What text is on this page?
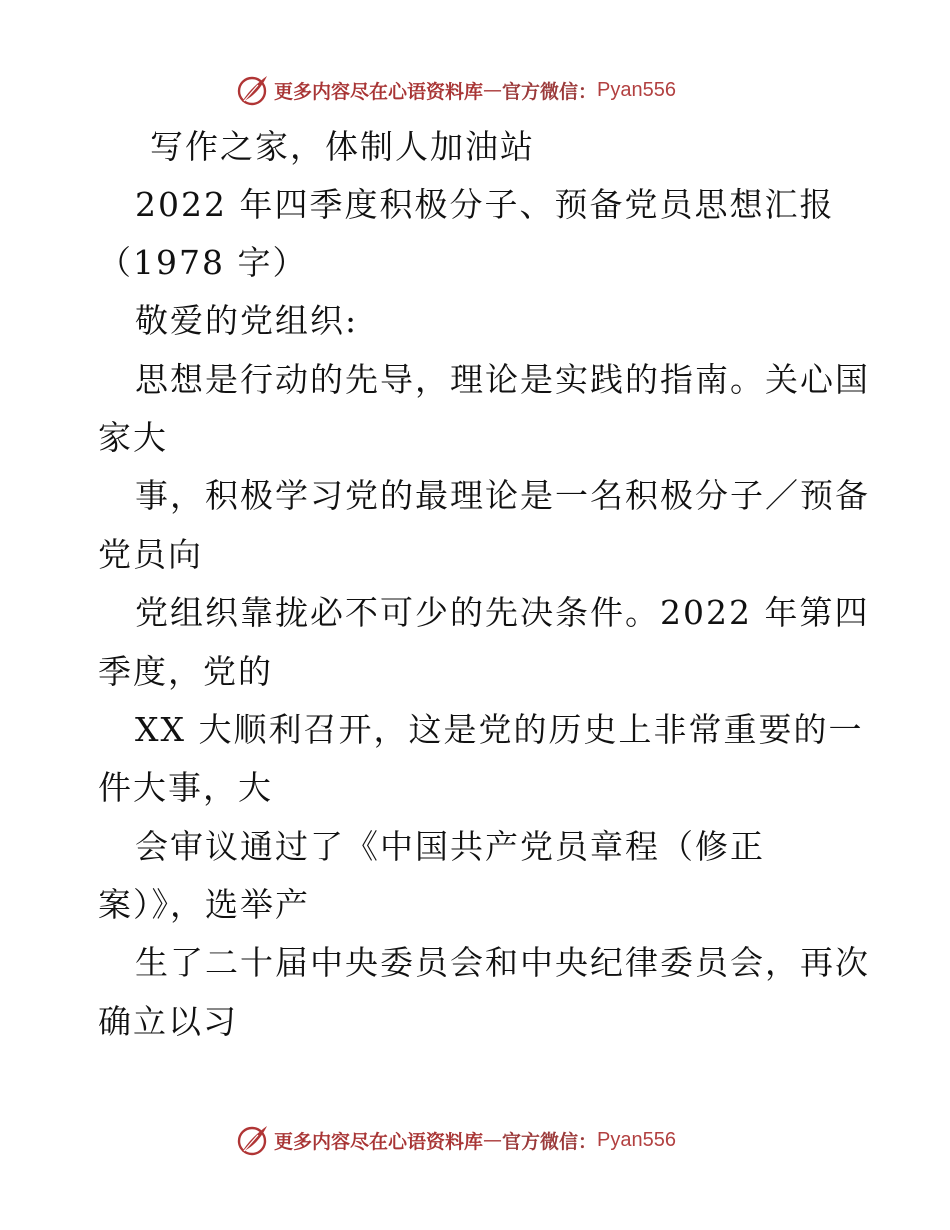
更多内容尽在心语资料库 — 官方微信： Pyan556
写作之家，体制人加油站
2022 年四季度积极分子、预备党员思想汇报
（1978 字）
敬爱的党组织:
思想是行动的先导，理论是实践的指南。关心国
家大
事，积极学习党的最理论是一名积极分子／预备
党员向
党组织靠拢必不可少的先决条件。2022 年第四
季度，党的
XX 大顺利召开，这是党的历史上非常重要的一
件大事，大
会审议通过了《中国共产党员章程（修正
案）》，选举产
生了二十届中央委员会和中央纪律委员会，再次
确立以习
更多内容尽在心语资料库 — 官方微信： Pyan556
